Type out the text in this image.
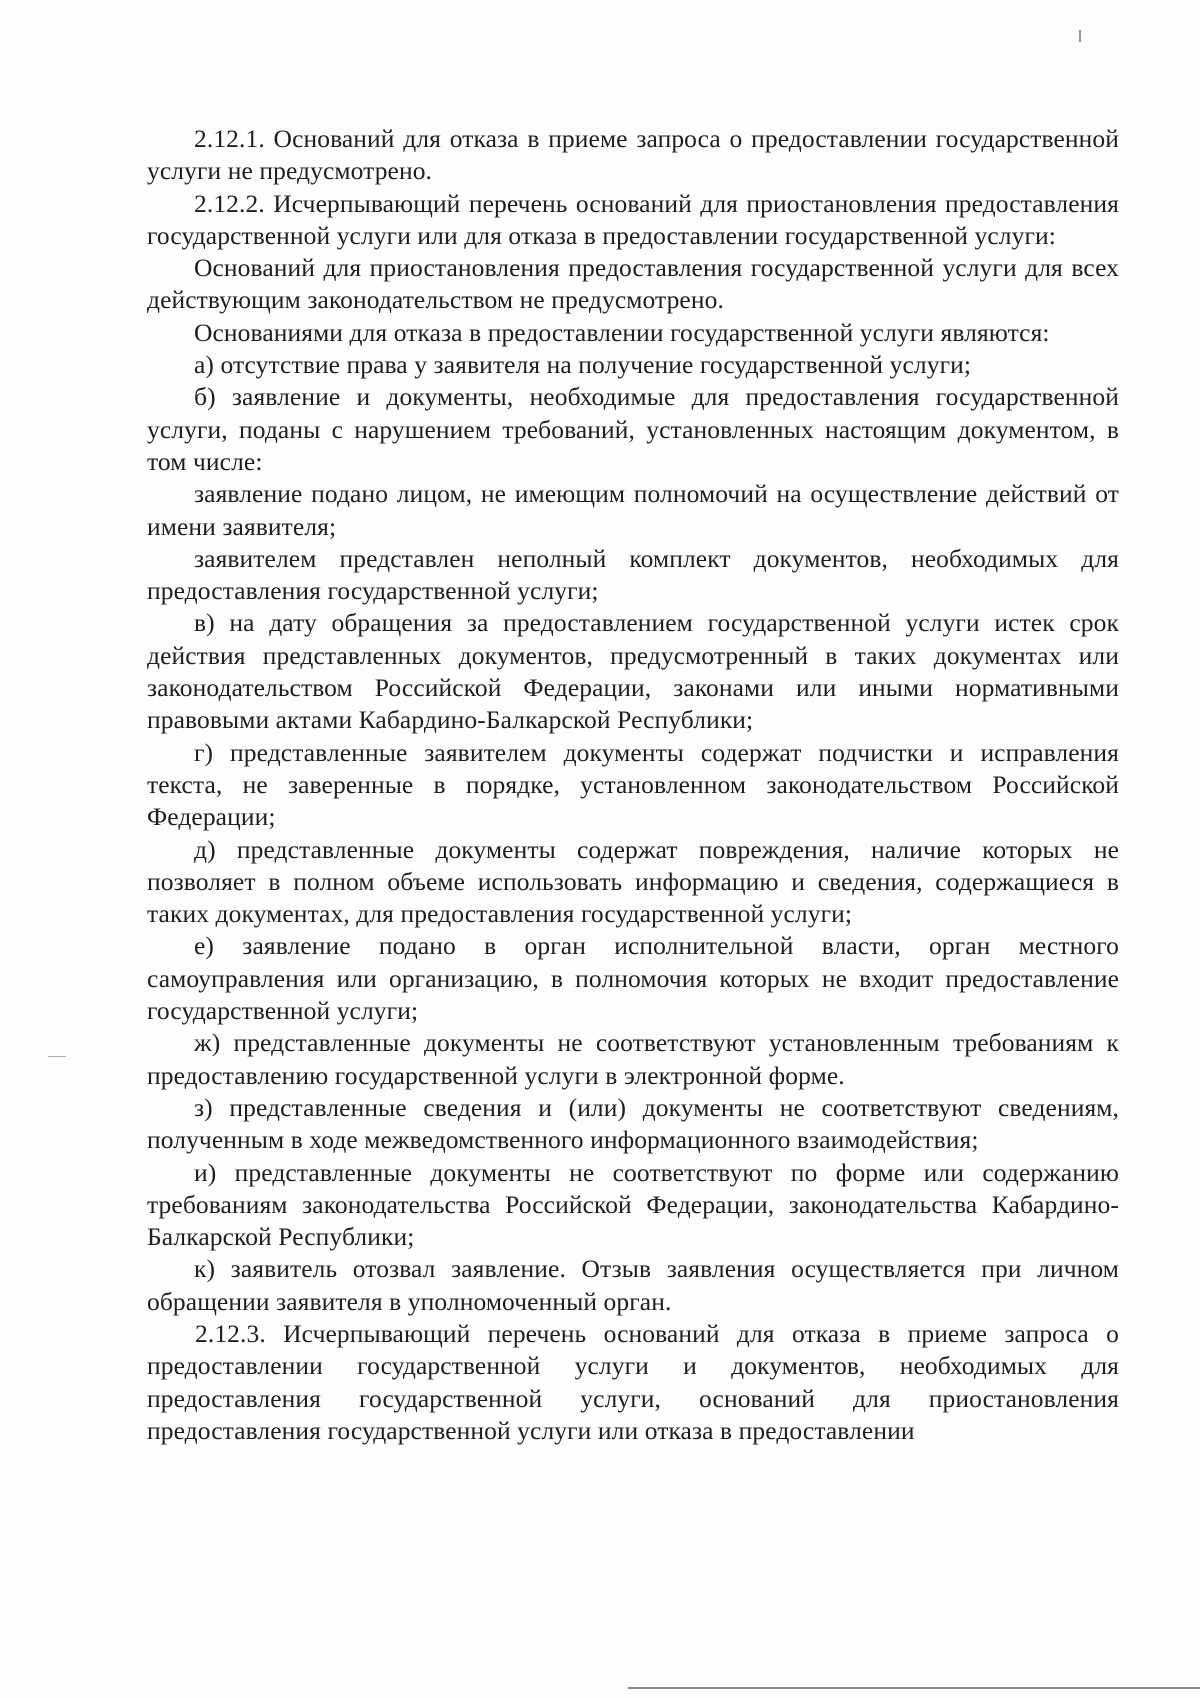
2.12.1. Оснований для отказа в приеме запроса о предоставлении государственной услуги не предусмотрено.

2.12.2. Исчерпывающий перечень оснований для приостановления предоставления государственной услуги или для отказа в предоставлении государственной услуги:

Оснований для приостановления предоставления государственной услуги для всех действующим законодательством не предусмотрено.

Основаниями для отказа в предоставлении государственной услуги являются:

а) отсутствие права у заявителя на получение государственной услуги;

б) заявление и документы, необходимые для предоставления государственной услуги, поданы с нарушением требований, установленных настоящим документом, в том числе:

заявление подано лицом, не имеющим полномочий на осуществление действий от имени заявителя;

заявителем представлен неполный комплект документов, необходимых для предоставления государственной услуги;

в) на дату обращения за предоставлением государственной услуги истек срок действия представленных документов, предусмотренный в таких документах или законодательством Российской Федерации, законами или иными нормативными правовыми актами Кабардино-Балкарской Республики;

г) представленные заявителем документы содержат подчистки и исправления текста, не заверенные в порядке, установленном законодательством Российской Федерации;

д) представленные документы содержат повреждения, наличие которых не позволяет в полном объеме использовать информацию и сведения, содержащиеся в таких документах, для предоставления государственной услуги;

е) заявление подано в орган исполнительной власти, орган местного самоуправления или организацию, в полномочия которых не входит предоставление государственной услуги;

ж) представленные документы не соответствуют установленным требованиям к предоставлению государственной услуги в электронной форме.

з) представленные сведения и (или) документы не соответствуют сведениям, полученным в ходе межведомственного информационного взаимодействия;

и) представленные документы не соответствуют по форме или содержанию требованиям законодательства Российской Федерации, законодательства Кабардино-Балкарской Республики;

к) заявитель отозвал заявление. Отзыв заявления осуществляется при личном обращении заявителя в уполномоченный орган.

2.12.3. Исчерпывающий перечень оснований для отказа в приеме запроса о предоставлении государственной услуги и документов, необходимых для предоставления государственной услуги, оснований для приостановления предоставления государственной услуги или отказа в предоставлении
